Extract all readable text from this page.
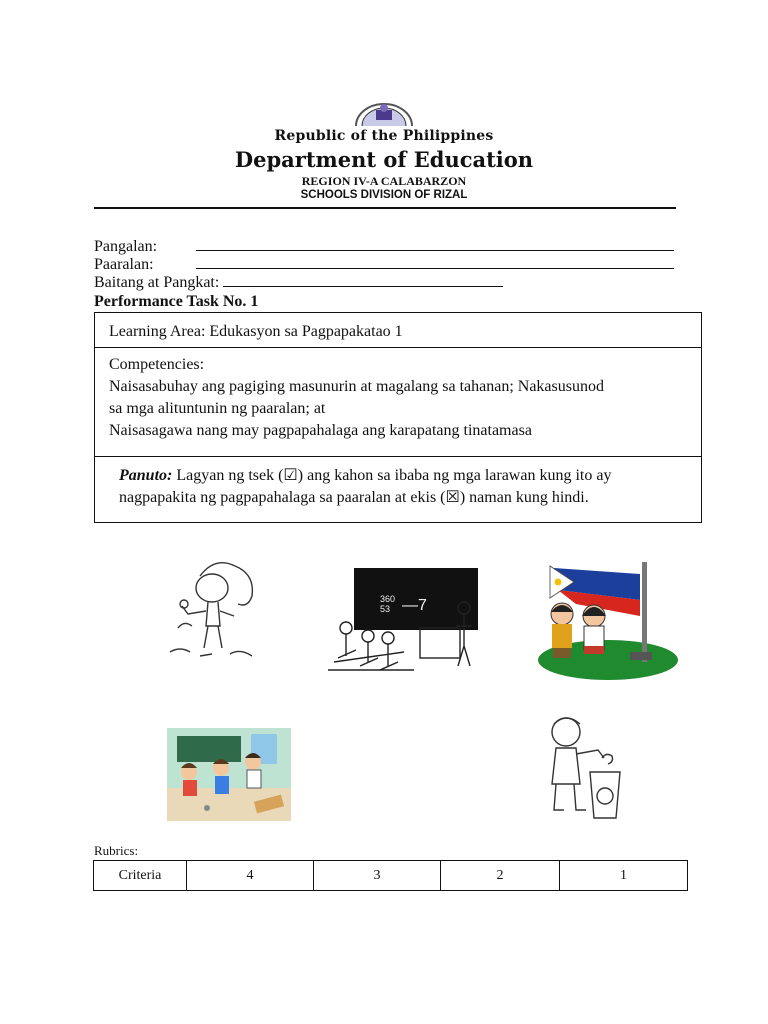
Republic of the Philippines
Department of Education
REGION IV-A CALABARZON
SCHOOLS DIVISION OF RIZAL
Pangalan:
Paaralan:
Baitang at Pangkat:
Performance Task No. 1

Learning Area: Edukasyon sa Pagpapakatao 1

Competencies:

Naisasabuhay ang pagiging masunurin at magalang sa tahanan; Nakasusunod

sa mga alituntunin ng paaralan; at

Naisasagawa nang may pagpapahalaga ang karapatang tinatamasa

Panuto: Lagyan ng tsek (☑) ang kahon sa ibaba ng mga larawan kung ito ay
nagpapakita ng pagpapahalaga sa paaralan at ekis (☒) naman kung hindi.
360
53 —7
Rubrics:
Criteria	4	3	2	1
